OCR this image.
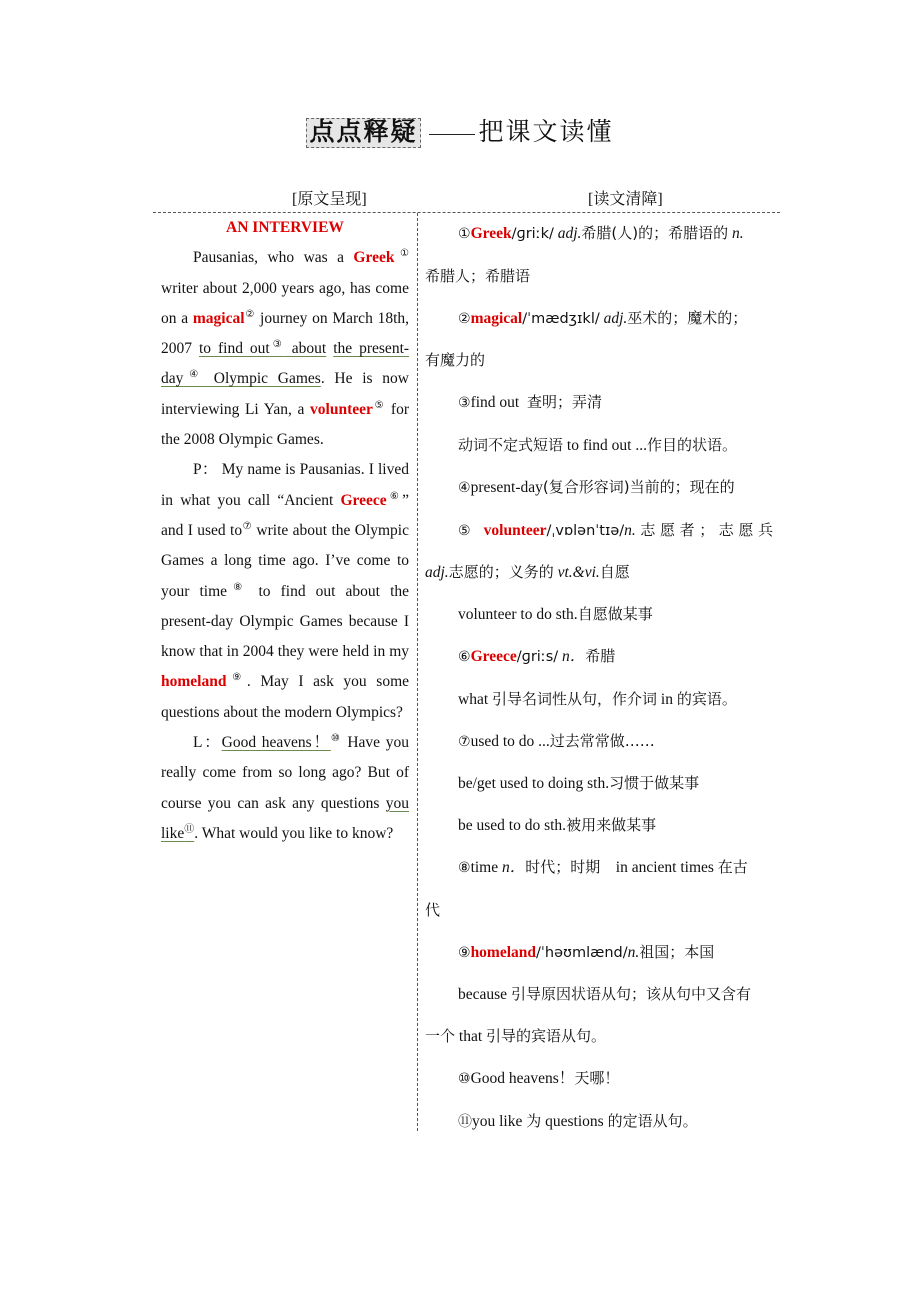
点点释疑 把课文读懂
[原文呈现]	[读文清障]

AN INTERVIEW

Pausanias, who was a Greek① writer about 2,000 years ago, has come on a magical② journey on March 18th, 2007 to find out③ about the present-day④ Olympic Games. He is now interviewing Li Yan, a volunteer⑤ for the 2008 Olympic Games.

P： My name is Pausanias. I lived in what you call “Ancient Greece⑥” and I used to⑦ write about the Olympic Games a long time ago. I’ve come to your time⑧ to find out about the present-day Olympic Games because I know that in 2004 they were held in my homeland⑨. May I ask you some questions about the modern Olympics?

L：Good heavens！⑩ Have you really come from so long ago? But of course you can ask any questions you like⑪. What would you like to know?

①Greek/ɡriːk/ adj.希腊(人)的；希腊语的 n.
希腊人；希腊语
②magical/ˈmædʒɪkl/ adj.巫术的；魔术的；
有魔力的
③find out 查明；弄清
动词不定式短语 to find out ...作目的状语。
④present-day(复合形容词)当前的；现在的
⑤ volunteer/ˌvɒlənˈtɪə/n.志愿者；志愿兵
adj.志愿的；义务的 vt.&vi.自愿
volunteer to do sth.自愿做某事
⑥Greece/ɡriːs/ n．希腊
what 引导名词性从句，作介词 in 的宾语。
⑦used to do ...过去常常做……
be/get used to doing sth.习惯于做某事
be used to do sth.被用来做某事
⑧time n．时代；时期 in ancient times 在古
代
⑨homeland/ˈhəʊmlænd/n.祖国；本国
because 引导原因状语从句；该从句中又含有
一个 that 引导的宾语从句。
⑩Good heavens！天哪！
⑪you like 为 questions 的定语从句。
